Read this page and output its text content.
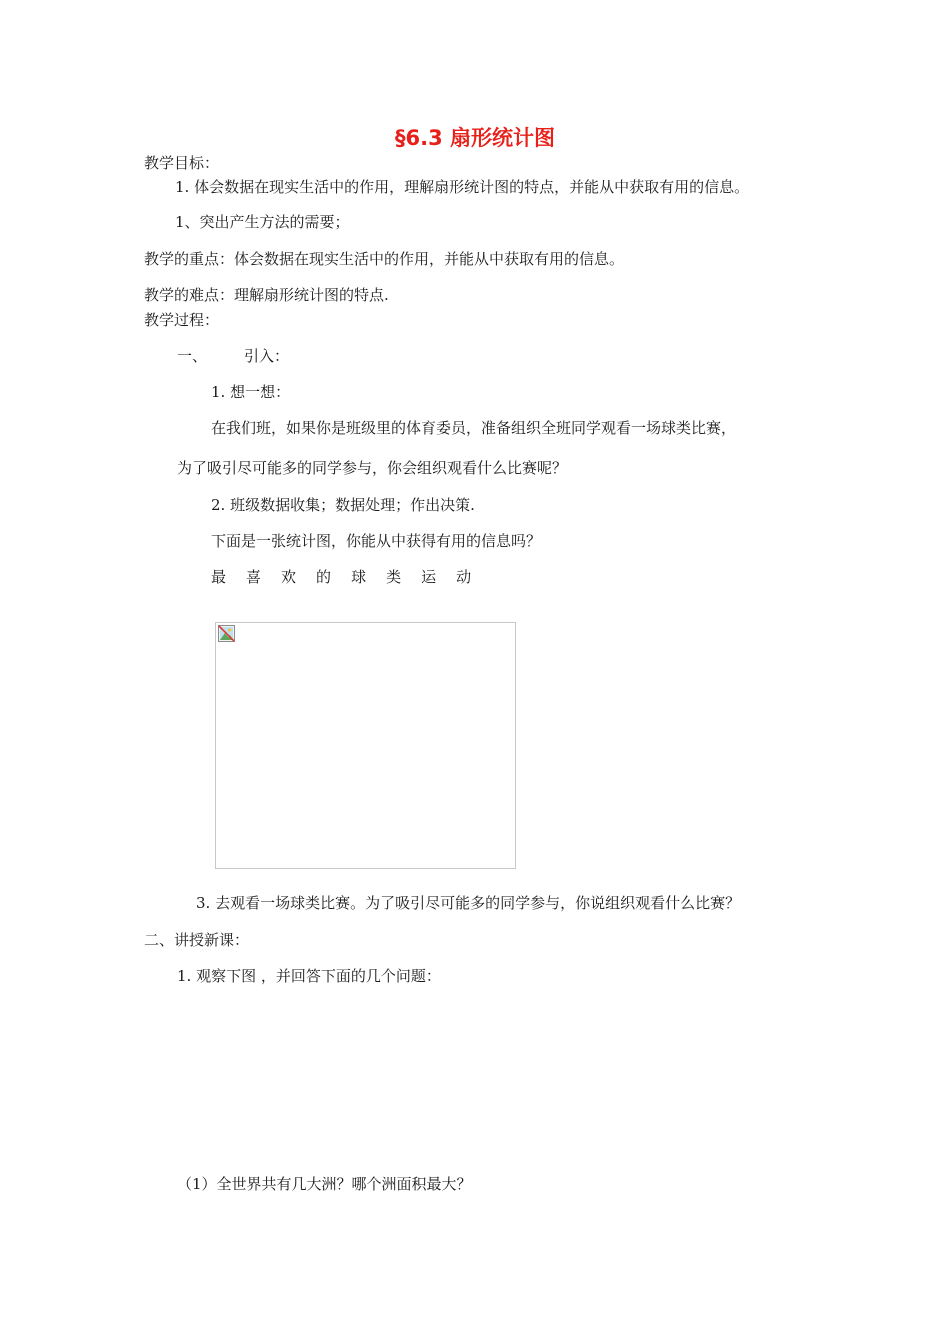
§6.3 扇形统计图
教学目标：
1. 体会数据在现实生活中的作用，理解扇形统计图的特点，并能从中获取有用的信息。
1、突出产生方法的需要；
教学的重点：体会数据在现实生活中的作用，并能从中获取有用的信息。
教学的难点：理解扇形统计图的特点.
教学过程：
一、 引入：
1. 想一想：
在我们班，如果你是班级里的体育委员，准备组织全班同学观看一场球类比赛，
为了吸引尽可能多的同学参与，你会组织观看什么比赛呢？
2. 班级数据收集；数据处理；作出决策.
下面是一张统计图，你能从中获得有用的信息吗？
最 喜 欢 的 球 类 运 动
3. 去观看一场球类比赛。为了吸引尽可能多的同学参与，你说组织观看什么比赛？
二、讲授新课：
1. 观察下图 ，并回答下面的几个问题：
（1）全世界共有几大洲？哪个洲面积最大？
